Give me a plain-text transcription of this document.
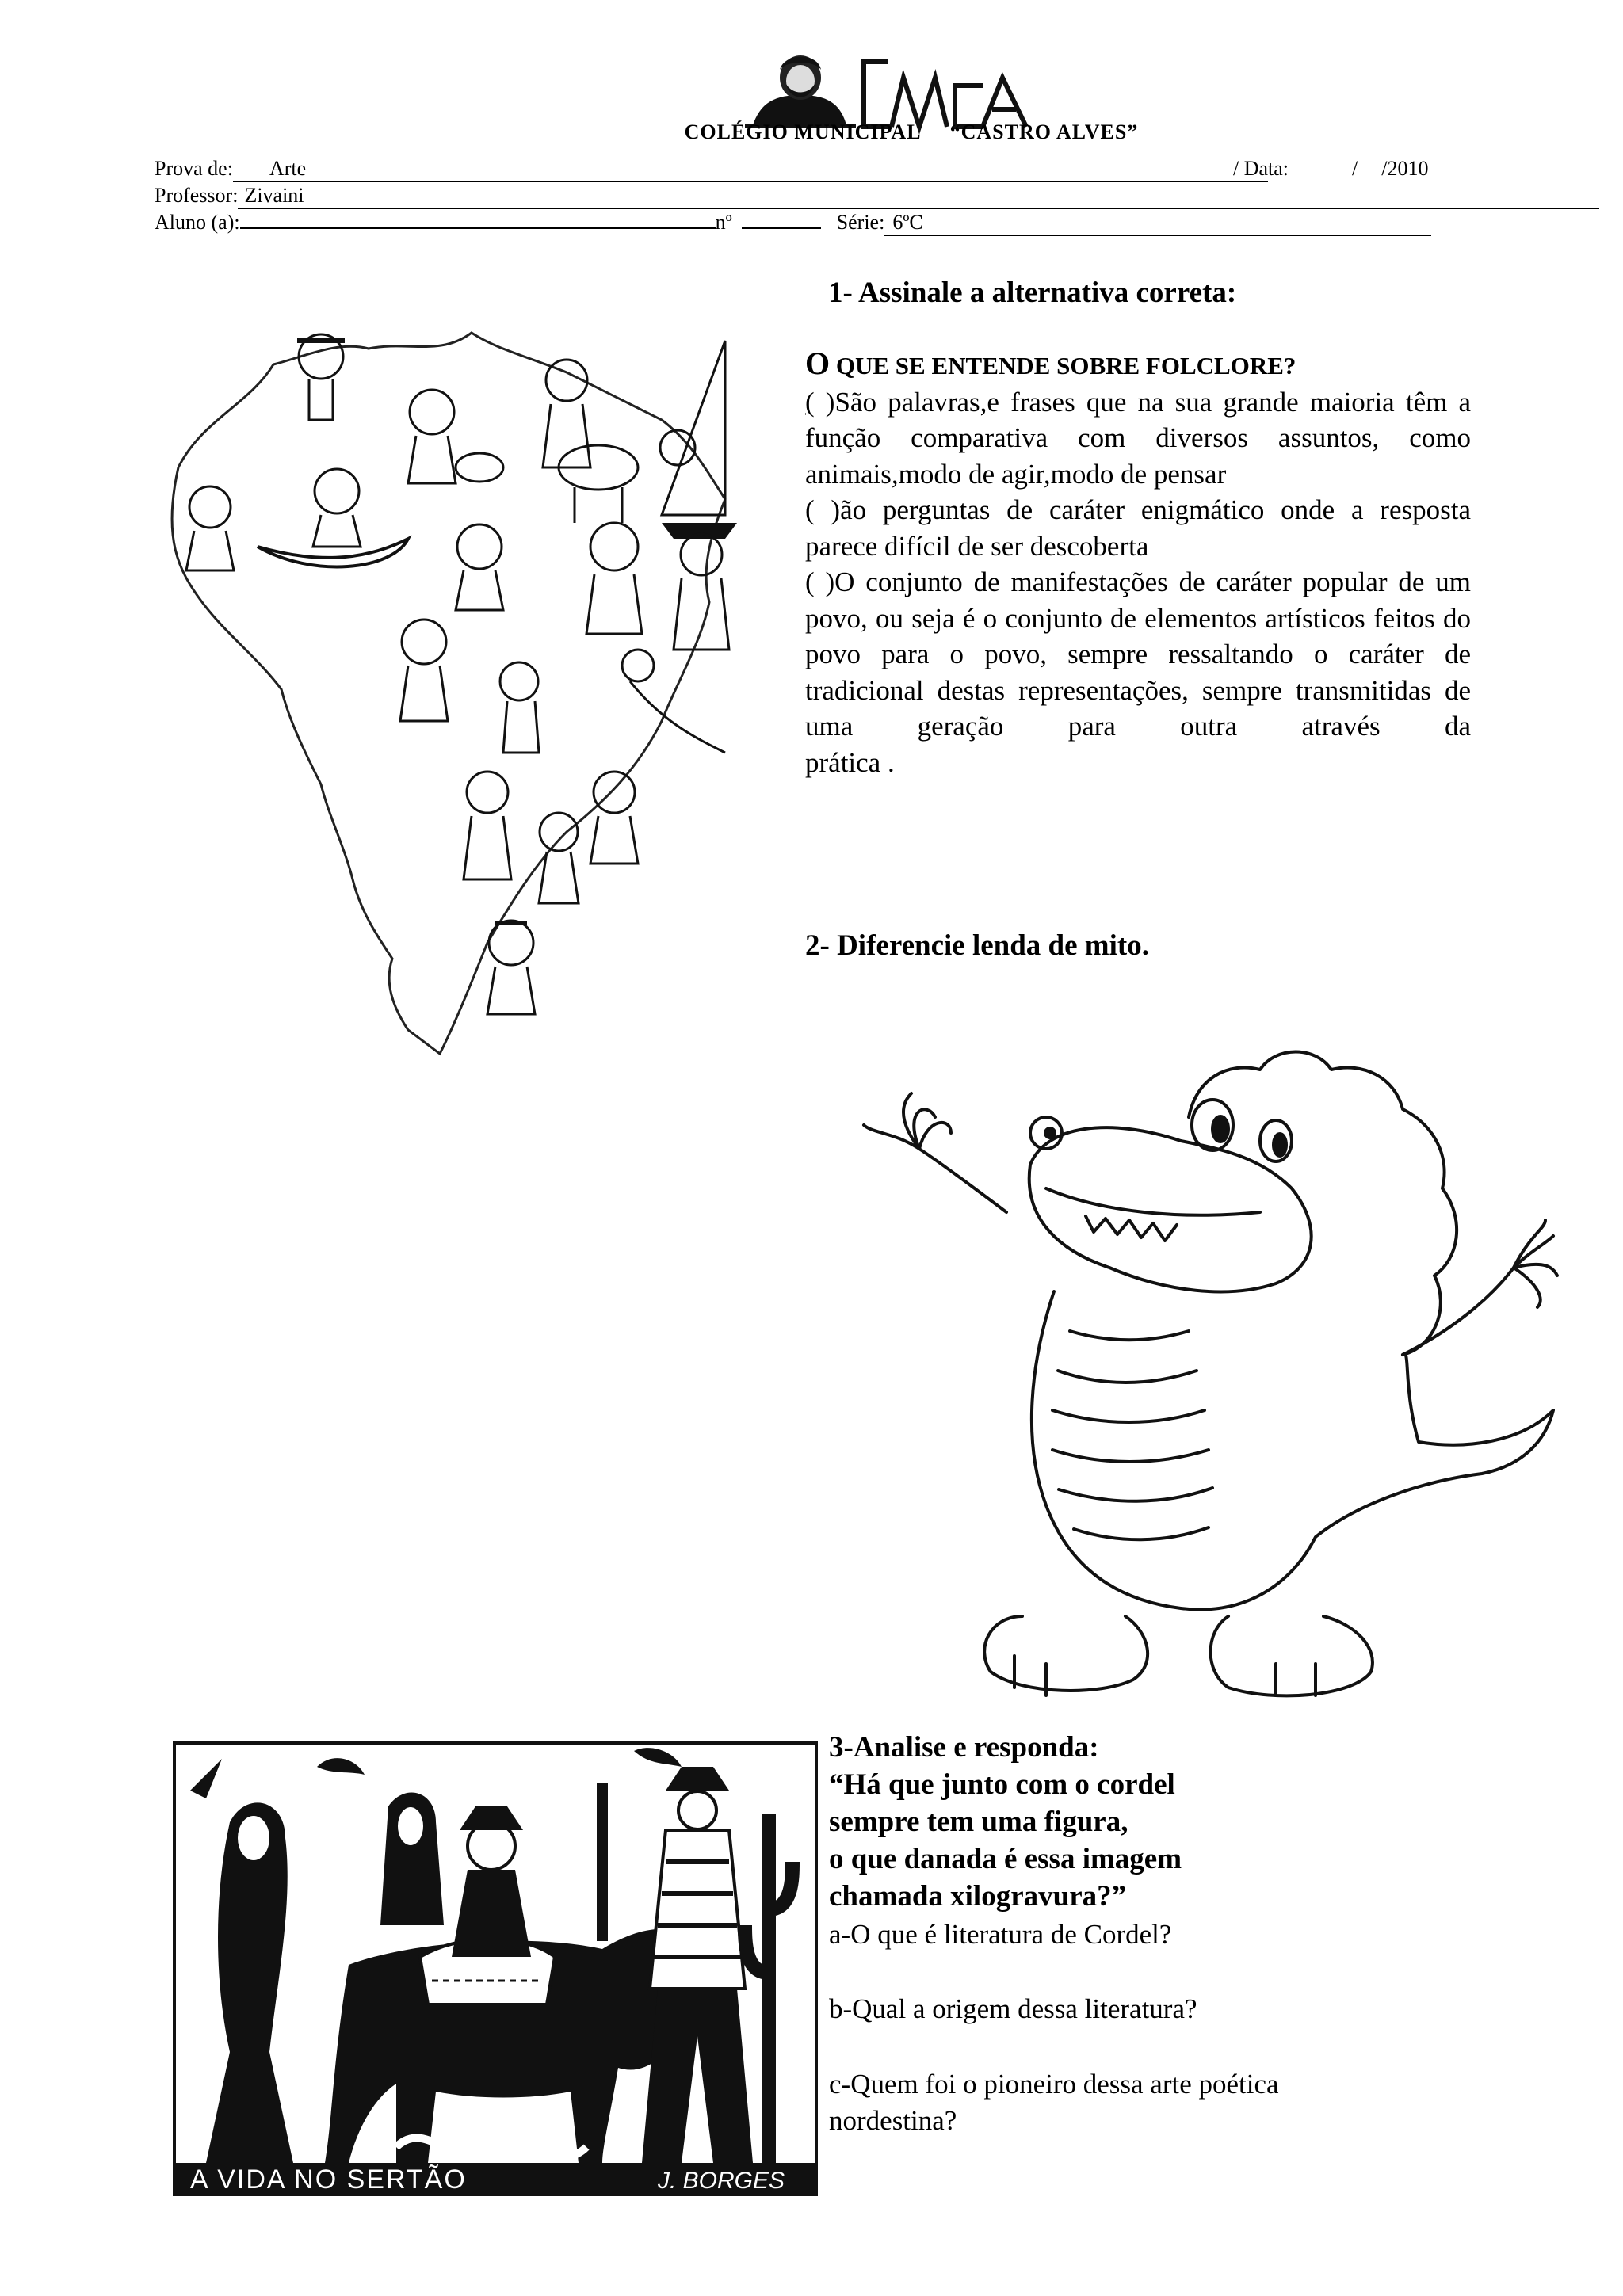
COLÉGIO MUNICIPAL     “CASTRO ALVES”
Prova de: Arte	/ Data:	/ /2010
Professor: Zivaini
Aluno (a):	nº	Série: 6ºC
1- Assinale a alternativa correta:

O QUE SE ENTENDE SOBRE FOLCLORE?

( )São palavras,e frases que na sua grande maioria têm a função comparativa com diversos assuntos, como animais,modo de agir,modo de pensar

( )ão perguntas de caráter enigmático onde a resposta parece difícil de ser descoberta

( )O conjunto de manifestações de caráter popular de um povo, ou seja é o conjunto de elementos artísticos feitos do povo para o povo, sempre ressaltando o caráter de tradicional destas representações, sempre transmitidas de uma geração para outra através da
prática .

2- Diferencie lenda de mito.
3-Analise e responda:
“Há que junto com o cordel
sempre tem uma figura,
o que danada é essa imagem
chamada xilogravura?”
a-O que é literatura de Cordel?
b-Qual a origem dessa literatura?
c-Quem foi o pioneiro dessa arte poética
nordestina?
A VIDA NO SERTÃO	J. BORGES
